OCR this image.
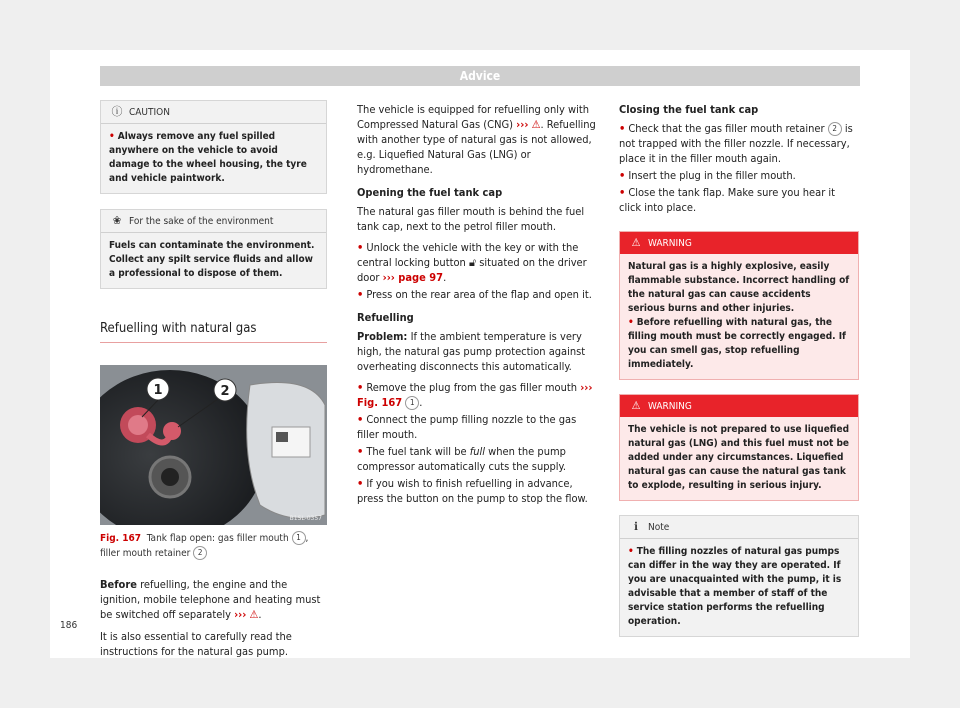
Advice
ⓘ CAUTION
• Always remove any fuel spilled anywhere on the vehicle to avoid damage to the wheel housing, the tyre and vehicle paintwork.
❀ For the sake of the environment
Fuels can contaminate the environment. Collect any spilt service fluids and allow a professional to dispose of them.
Refuelling with natural gas
1	2
B1SL-0357
Fig. 167 Tank flap open: gas filler mouth 1 , filler mouth retainer 2

Before refuelling, the engine and the ignition, mobile telephone and heating must be switched off separately ››› ⚠.

It is also essential to carefully read the instructions for the natural gas pump.

The vehicle is equipped for refuelling only with Compressed Natural Gas (CNG) ››› ⚠. Refuelling with another type of natural gas is not allowed, e.g. Liquefied Natural Gas (LNG) or hydromethane.

Opening the fuel tank cap

The natural gas filler mouth is behind the fuel tank cap, next to the petrol filler mouth.

• Unlock the vehicle with the key or with the central locking button 🔓︎ situated on the driver door ››› page 97.

• Press on the rear area of the flap and open it.

Refuelling

Problem: If the ambient temperature is very high, the natural gas pump protection against overheating disconnects this automatically.

• Remove the plug from the gas filler mouth ››› Fig. 167 1 .

• Connect the pump filling nozzle to the gas filler mouth.

• The fuel tank will be full when the pump compressor automatically cuts the supply.

• If you wish to finish refuelling in advance, press the button on the pump to stop the flow.

Closing the fuel tank cap

• Check that the gas filler mouth retainer 2 is not trapped with the filler nozzle. If necessary, place it in the filler mouth again.

• Insert the plug in the filler mouth.

• Close the tank flap. Make sure you hear it click into place.

⚠ WARNING
Natural gas is a highly explosive, easily flammable substance. Incorrect handling of the natural gas can cause accidents serious burns and other injuries.
• Before refuelling with natural gas, the filling mouth must be correctly engaged. If you can smell gas, stop refuelling immediately.
⚠ WARNING
The vehicle is not prepared to use liquefied natural gas (LNG) and this fuel must not be added under any circumstances. Liquefied natural gas can cause the natural gas tank to explode, resulting in serious injury.
ℹ Note
• The filling nozzles of natural gas pumps can differ in the way they are operated. If you are unacquainted with the pump, it is advisable that a member of staff of the service station performs the refuelling operation.
186
